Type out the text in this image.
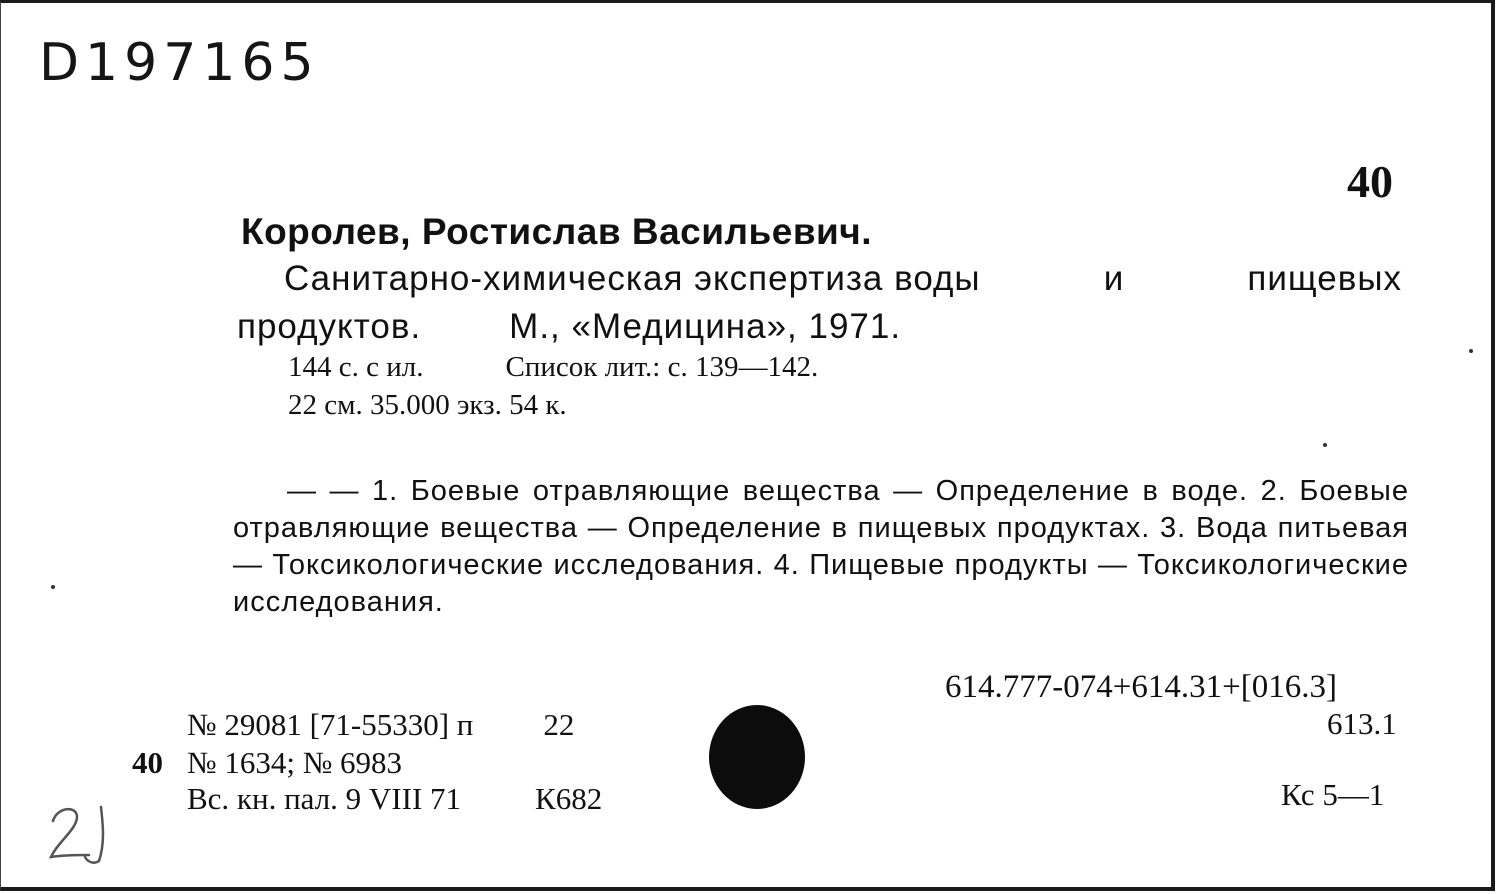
D197165
40
Королев, Ростислав Васильевич.
Санитарно-химическая экспертиза воды	и	пищевых
продуктов.	М., «Медицина», 1971.
144 с. с ил.	Список лит.: с. 139—142.
22 см. 35.000 экз. 54 к.
— — 1. Боевые отравляющие вещества — Определение в воде. 2. Боевые отравляющие вещества — Определение в пищевых продуктах. 3. Вода питьевая — Токсикологические исследования. 4. Пищевые продукты — Токсикологические исследования.
614.777-074+614.31+[016.3]
613.1
Кс 5—1
№ 29081 [71-55330] п 22
40 № 1634; № 6983
Вс. кн. пал. 9 VIII 71 К682
